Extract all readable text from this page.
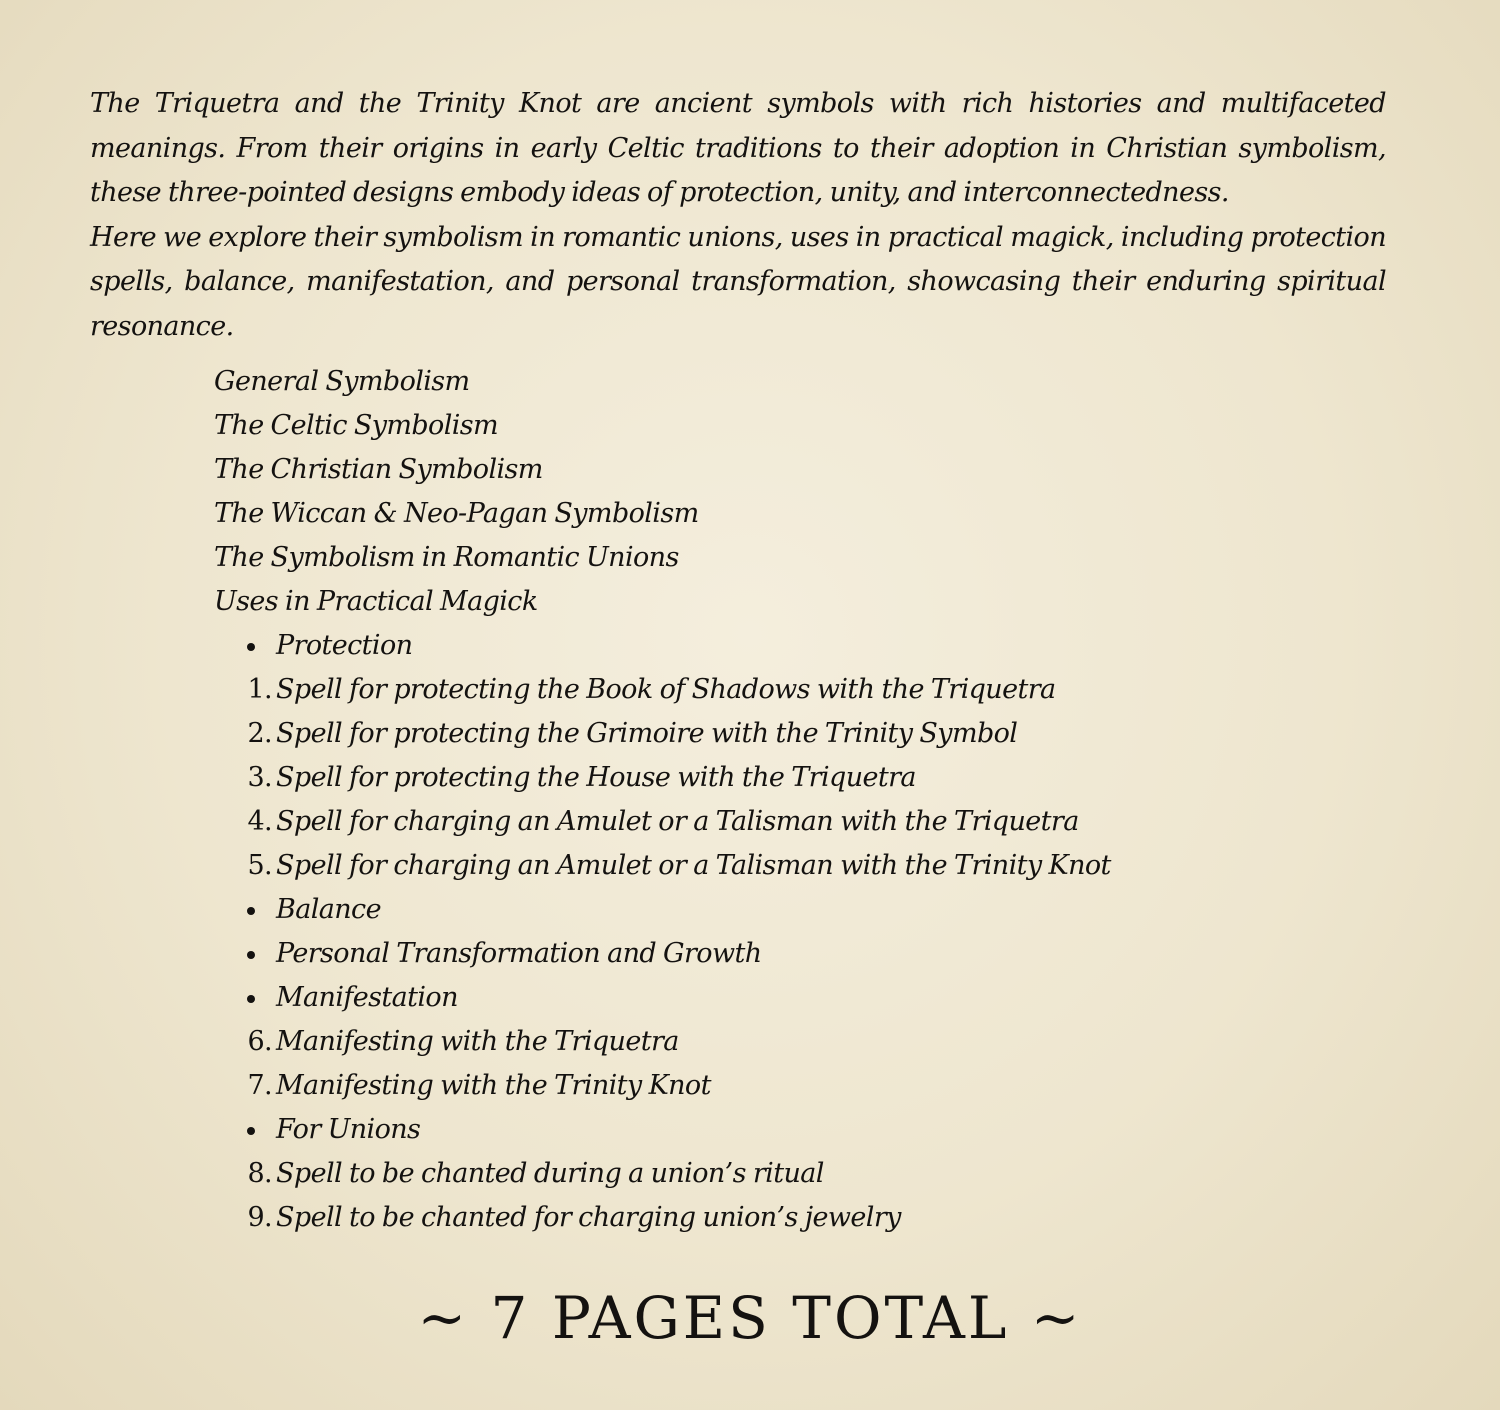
The Triquetra and the Trinity Knot are ancient symbols with rich histories and multifaceted meanings. From their origins in early Celtic traditions to their adoption in Christian symbolism, these three-pointed designs embody ideas of protection, unity, and interconnectedness.

Here we explore their symbolism in romantic unions, uses in practical magick, including protection spells, balance, manifestation, and personal transformation, showcasing their enduring spiritual resonance.

General Symbolism
The Celtic Symbolism
The Christian Symbolism
The Wiccan & Neo-Pagan Symbolism
The Symbolism in Romantic Unions
Uses in Practical Magick
Protection
1. Spell for protecting the Book of Shadows with the Triquetra
2. Spell for protecting the Grimoire with the Trinity Symbol
3. Spell for protecting the House with the Triquetra
4. Spell for charging an Amulet or a Talisman with the Triquetra
5. Spell for charging an Amulet or a Talisman with the Trinity Knot
Balance
Personal Transformation and Growth
Manifestation
6. Manifesting with the Triquetra
7. Manifesting with the Trinity Knot
For Unions
8. Spell to be chanted during a union’s ritual
9. Spell to be chanted for charging union’s jewelry
~ 7 PAGES TOTAL ~
